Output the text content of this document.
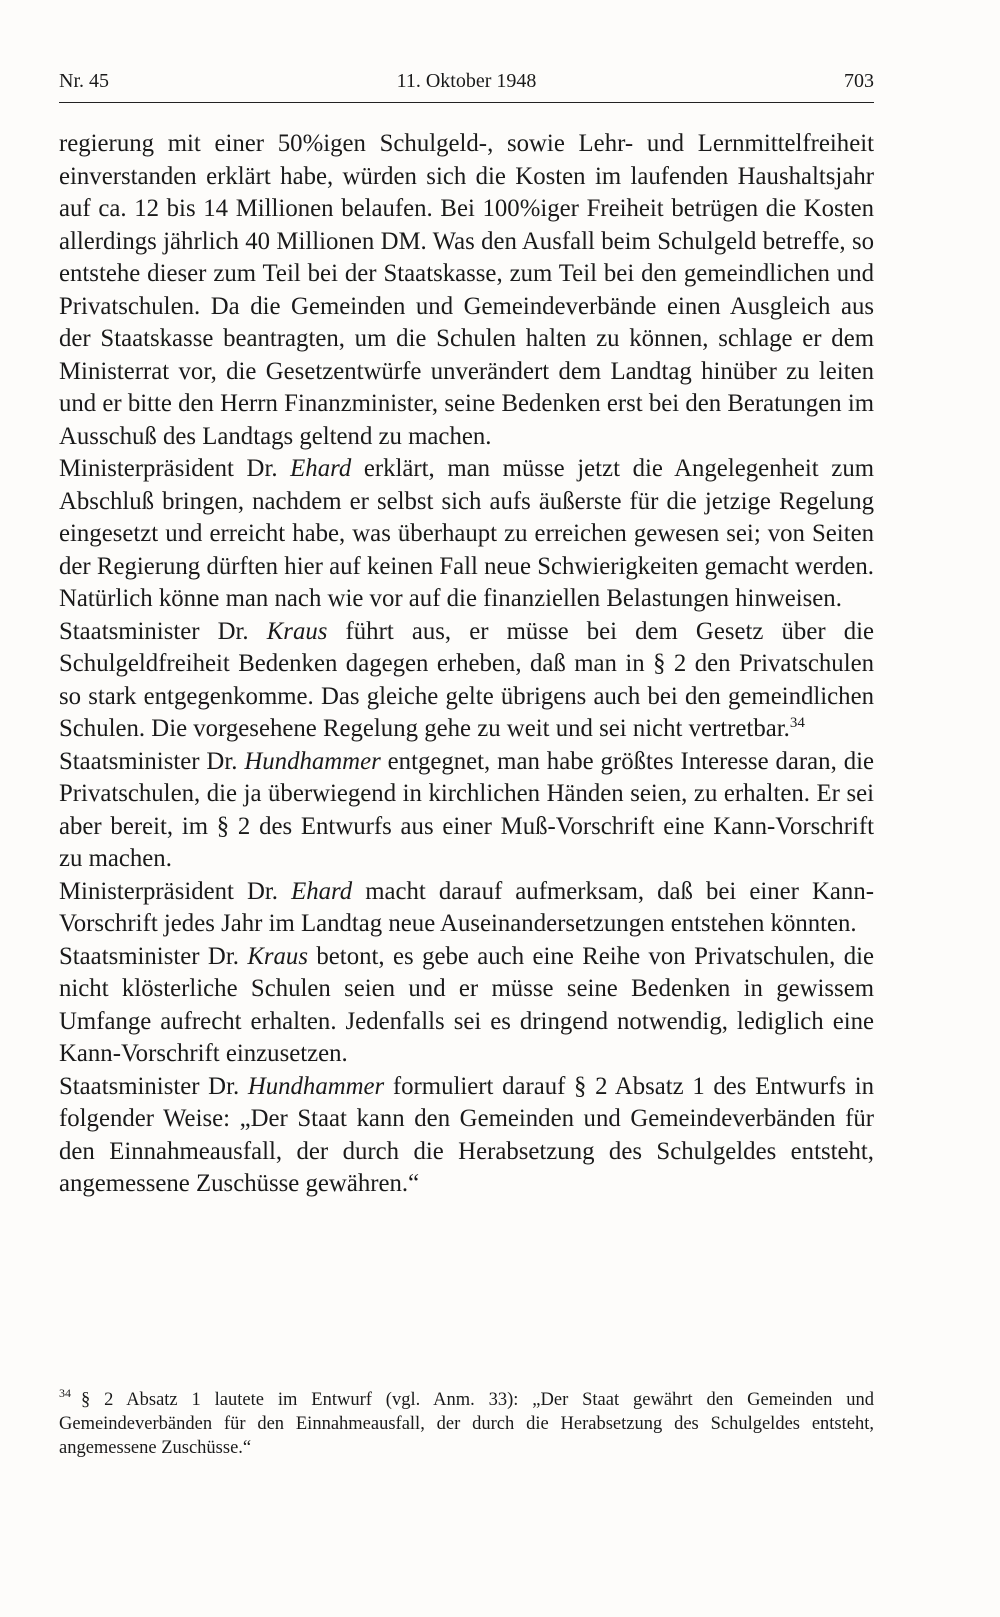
Nr. 45	11. Oktober 1948	703

regierung mit einer 50%igen Schulgeld-, sowie Lehr- und Lernmittelfreiheit einverstanden erklärt habe, würden sich die Kosten im laufenden Haushaltsjahr auf ca. 12 bis 14 Millionen belaufen. Bei 100%iger Freiheit betrügen die Kosten allerdings jährlich 40 Millionen DM. Was den Ausfall beim Schulgeld betreffe, so entstehe dieser zum Teil bei der Staatskasse, zum Teil bei den gemeindlichen und Privatschulen. Da die Gemeinden und Gemeindeverbände einen Ausgleich aus der Staatskasse beantragten, um die Schulen halten zu können, schlage er dem Ministerrat vor, die Gesetzentwürfe unverändert dem Landtag hinüber zu leiten und er bitte den Herrn Finanzminister, seine Bedenken erst bei den Beratungen im Ausschuß des Landtags geltend zu machen.

Ministerpräsident Dr. Ehard erklärt, man müsse jetzt die Angelegenheit zum Abschluß bringen, nachdem er selbst sich aufs äußerste für die jetzige Regelung eingesetzt und erreicht habe, was überhaupt zu erreichen gewesen sei; von Seiten der Regierung dürften hier auf keinen Fall neue Schwierigkeiten gemacht werden. Natürlich könne man nach wie vor auf die finanziellen Belastungen hinweisen.

Staatsminister Dr. Kraus führt aus, er müsse bei dem Gesetz über die Schulgeldfreiheit Bedenken dagegen erheben, daß man in § 2 den Privatschulen so stark entgegenkomme. Das gleiche gelte übrigens auch bei den gemeindlichen Schulen. Die vorgesehene Regelung gehe zu weit und sei nicht vertretbar.$^{34}$

Staatsminister Dr. Hundhammer entgegnet, man habe größtes Interesse daran, die Privatschulen, die ja überwiegend in kirchlichen Händen seien, zu erhalten. Er sei aber bereit, im § 2 des Entwurfs aus einer Muß-Vorschrift eine Kann-Vorschrift zu machen.

Ministerpräsident Dr. Ehard macht darauf aufmerksam, daß bei einer Kann-Vorschrift jedes Jahr im Landtag neue Auseinandersetzungen entstehen könnten.

Staatsminister Dr. Kraus betont, es gebe auch eine Reihe von Privatschulen, die nicht klösterliche Schulen seien und er müsse seine Bedenken in gewissem Umfange aufrecht erhalten. Jedenfalls sei es dringend notwendig, lediglich eine Kann-Vorschrift einzusetzen.

Staatsminister Dr. Hundhammer formuliert darauf § 2 Absatz 1 des Entwurfs in folgender Weise: „Der Staat kann den Gemeinden und Gemeindeverbänden für den Einnahmeausfall, der durch die Herabsetzung des Schulgeldes entsteht, angemessene Zuschüsse gewähren.“

$^{34}$ § 2 Absatz 1 lautete im Entwurf (vgl. Anm. 33): „Der Staat gewährt den Gemeinden und Gemeindeverbänden für den Einnahmeausfall, der durch die Herabsetzung des Schulgeldes entsteht, angemessene Zuschüsse.“
